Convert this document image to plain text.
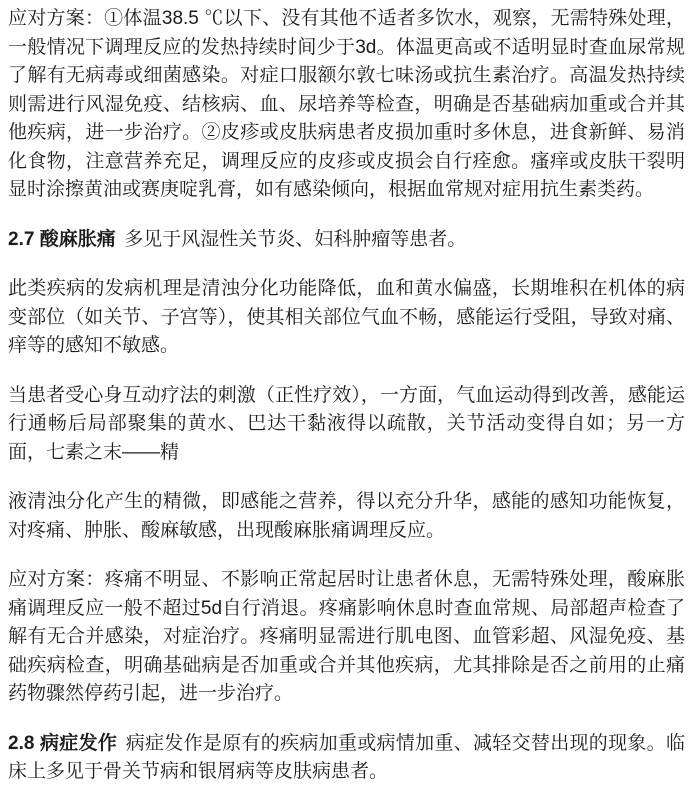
应对方案：①体温38.5 ℃以下、没有其他不适者多饮水，观察，无需特殊处理，一般情况下调理反应的发热持续时间少于3d。体温更高或不适明显时查血尿常规了解有无病毒或细菌感染。对症口服额尔敦七味汤或抗生素治疗。高温发热持续则需进行风湿免疫、结核病、血、尿培养等检查，明确是否基础病加重或合并其他疾病，进一步治疗。②皮疹或皮肤病患者皮损加重时多休息，进食新鲜、易消化食物，注意营养充足，调理反应的皮疹或皮损会自行痊愈。瘙痒或皮肤干裂明显时涂擦黄油或赛庚啶乳膏，如有感染倾向，根据血常规对症用抗生素类药。

2.7 酸麻胀痛 多见于风湿性关节炎、妇科肿瘤等患者。

此类疾病的发病机理是清浊分化功能降低，血和黄水偏盛，长期堆积在机体的病变部位（如关节、子宫等），使其相关部位气血不畅，感能运行受阻，导致对痛、痒等的感知不敏感。

当患者受心身互动疗法的刺激（正性疗效），一方面，气血运动得到改善，感能运行通畅后局部聚集的黄水、巴达干黏液得以疏散，关节活动变得自如；另一方面，七素之末——精

液清浊分化产生的精微，即感能之营养，得以充分升华，感能的感知功能恢复，对疼痛、肿胀、酸麻敏感，出现酸麻胀痛调理反应。

应对方案：疼痛不明显、不影响正常起居时让患者休息，无需特殊处理，酸麻胀痛调理反应一般不超过5d自行消退。疼痛影响休息时查血常规、局部超声检查了解有无合并感染，对症治疗。疼痛明显需进行肌电图、血管彩超、风湿免疫、基础疾病检查，明确基础病是否加重或合并其他疾病，尤其排除是否之前用的止痛药物骤然停药引起，进一步治疗。

2.8 病症发作 病症发作是原有的疾病加重或病情加重、减轻交替出现的现象。临床上多见于骨关节病和银屑病等皮肤病患者。
